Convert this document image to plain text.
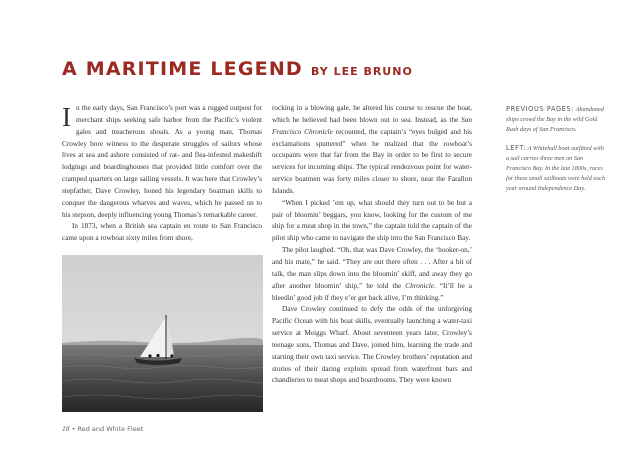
A MARITIME LEGEND BY LEE BRUNO

In the early days, San Francisco’s port was a rugged outpost for merchant ships seeking safe harbor from the Pacific’s violent gales and treacherous shoals. As a young man, Thomas Crowley bore witness to the desperate struggles of sailors whose lives at sea and ashore consisted of rat- and flea-infested makeshift lodgings and boardinghouses that provided little comfort over the cramped quarters on large sailing vessels. It was here that Crowley’s stepfather, Dave Crowley, honed his legendary boatman skills to conquer the dangerous wharves and waves, which he passed on to his stepson, deeply influencing young Thomas’s remarkable career.

In 1873, when a British sea captain en route to San Francisco came upon a rowboat sixty miles from shore,

rocking in a blowing gale, he altered his course to rescue the boat, which he believed had been blown out to sea. Instead, as the San Francisco Chronicle recounted, the captain’s “eyes bulged and his exclamations sputtered” when he realized that the rowboat’s occupants were that far from the Bay in order to be first to secure services for incoming ships. The typical rendezvous point for water-service boatmen was forty miles closer to shore, near the Farallon Islands.

“When I picked ’em up, what should they turn out to be but a pair of bloomin’ beggars, you know, looking for the custom of me ship for a meat shop in the town,” the captain told the captain of the pilot ship who came to navigate the ship into the San Francisco Bay.

The pilot laughed. “Oh, that was Dave Crowley, the ‘hooker-on,’ and his mate,” he said. “They are out there often . . . After a bit of talk, the man slips down into the bloomin’ skiff, and away they go after another bloomin’ ship,” he told the Chronicle. “It’ll be a bleedin’ good job if they e’er get back alive, I’m thinking.”

Dave Crowley continued to defy the odds of the unforgiving Pacific Ocean with his boat skills, eventually launching a water-taxi service at Meiggs Wharf. About seventeen years later, Crowley’s teenage sons, Thomas and Dave, joined him, learning the trade and starting their own taxi service. The Crowley brothers’ reputation and stories of their daring exploits spread from waterfront bars and chandleries to meat shops and boardrooms. They were known

PREVIOUS PAGES: Abandoned ships crowd the Bay in the wild Gold Rush days of San Francisco.
LEFT: A Whitehall boat outfitted with a sail carries three men on San Francisco Bay. In the late 1800s, races for these small sailboats were held each year around Independence Day.
18 • Red and White Fleet
